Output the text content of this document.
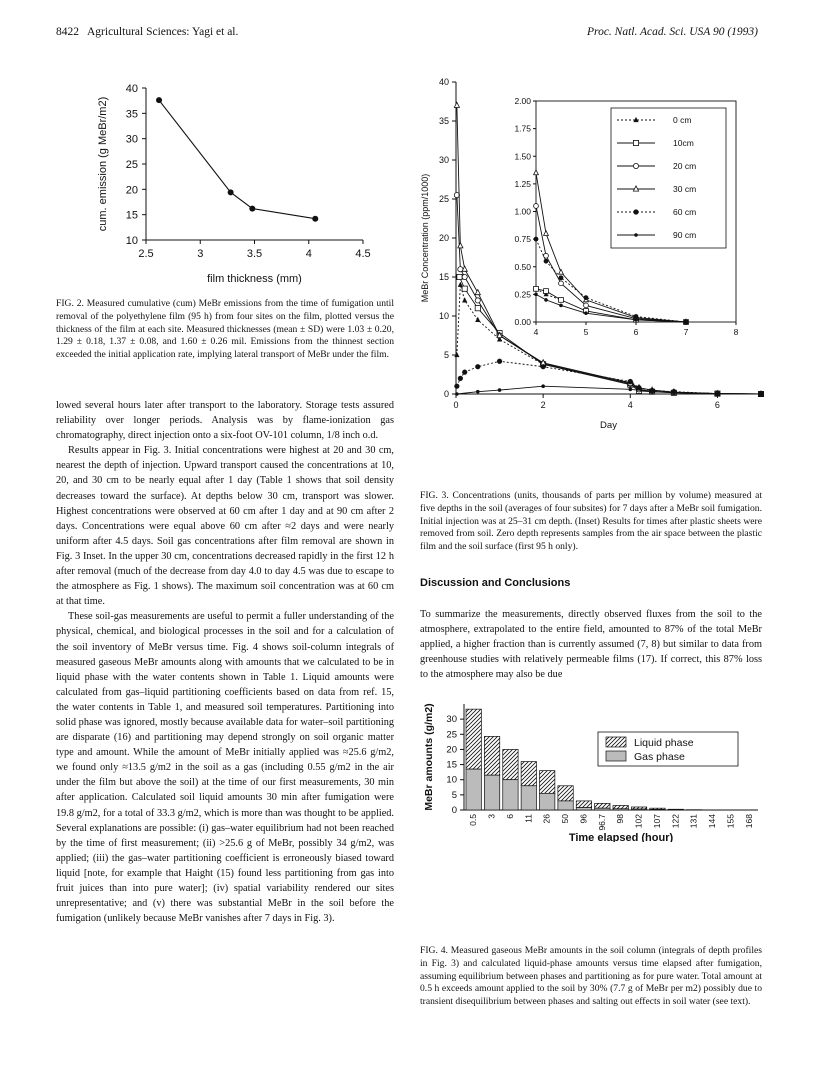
8422 Agricultural Sciences: Yagi et al.	Proc. Natl. Acad. Sci. USA 90 (1993)
10
15
20
25
30
35
40
2.5	3	3.5	4	4.5
film thickness (mm)
cum. emission (g MeBr/m2)
FIG. 2. Measured cumulative (cum) MeBr emissions from the time of fumigation until removal of the polyethylene film (95 h) from four sites on the film, plotted versus the thickness of the film at each site. Measured thicknesses (mean ± SD) were 1.03 ± 0.20, 1.29 ± 0.18, 1.37 ± 0.08, and 1.60 ± 0.26 mil. Emissions from the thinnest section exceeded the initial application rate, implying lateral transport of MeBr under the film.

lowed several hours later after transport to the laboratory. Storage tests assured reliability over longer periods. Analysis was by flame-ionization gas chromatography, direct injection onto a six-foot OV-101 column, 1/8 inch o.d.

Results appear in Fig. 3. Initial concentrations were highest at 20 and 30 cm, nearest the depth of injection. Upward transport caused the concentrations at 10, 20, and 30 cm to be nearly equal after 1 day (Table 1 shows that soil density decreases toward the surface). At depths below 30 cm, transport was slower. Highest concentrations were observed at 60 cm after 1 day and at 90 cm after 2 days. Concentrations were equal above 60 cm after ≈2 days and were nearly uniform after 4.5 days. Soil gas concentrations after film removal are shown in Fig. 3 Inset. In the upper 30 cm, concentrations decreased rapidly in the first 12 h after removal (much of the decrease from day 4.0 to day 4.5 was due to escape to the atmosphere as Fig. 1 shows). The maximum soil concentration was at 60 cm at that time.

These soil-gas measurements are useful to permit a fuller understanding of the physical, chemical, and biological processes in the soil and for a calculation of the soil inventory of MeBr versus time. Fig. 4 shows soil-column integrals of measured gaseous MeBr amounts along with amounts that we calculated to be in liquid phase with the water contents shown in Table 1. Liquid amounts were calculated from gas–liquid partitioning coefficients based on data from ref. 15, the water contents in Table 1, and measured soil temperatures. Partitioning into solid phase was ignored, mostly because available data for water–soil partitioning are disparate (16) and partitioning may depend strongly on soil organic matter type and amount. While the amount of MeBr initially applied was ≈25.6 g/m2, we found only ≈13.5 g/m2 in the soil as a gas (including 0.55 g/m2 in the air under the film but above the soil) at the time of our first measurements, 30 min after application. Calculated soil liquid amounts 30 min after fumigation were 19.8 g/m2, for a total of 33.3 g/m2, which is more than was thought to be applied. Several explanations are possible: (i) gas–water equilibrium had not been reached by the time of first measurement; (ii) >25.6 g of MeBr, possibly 34 g/m2, was applied; (iii) the gas–water partitioning coefficient is erroneously biased toward liquid [note, for example that Haight (15) found less partitioning from gas into fruit juices than into pure water]; (iv) spatial variability rendered our sites unrepresentative; and (v) there was substantial MeBr in the soil before the fumigation (unlikely because MeBr vanishes after 7 days in Fig. 3).

0
5
10
15
20
25
30
35
40
0	2	4	6
Day
MeBr Concentration (ppm/1000)
0.00
0.25
0.50
0.75
1.00
1.25
1.50
1.75
2.00
4	5	6	7	8
0 cm
10cm
20 cm
30 cm
60 cm
90 cm
FIG. 3. Concentrations (units, thousands of parts per million by volume) measured at five depths in the soil (averages of four subsites) for 7 days after a MeBr soil fumigation. Initial injection was at 25–31 cm depth. (Inset) Results for times after plastic sheets were removed from soil. Zero depth represents samples from the air space between the plastic film and the soil surface (first 95 h only).
Discussion and Conclusions

To summarize the measurements, directly observed fluxes from the soil to the atmosphere, extrapolated to the entire field, amounted to 87% of the total MeBr applied, a higher fraction than is currently assumed (7, 8) but similar to data from greenhouse studies with relatively permeable films (17). If correct, this 87% loss to the atmosphere may also be due

0
5
10
15
20
25
30
0.5 3 6 11 26 50 96 96.7 98 102 107 122 131 144 155 168
Time elapsed (hour)
MeBr amounts (g/m2)	Liquid phase
Gas phase
FIG. 4. Measured gaseous MeBr amounts in the soil column (integrals of depth profiles in Fig. 3) and calculated liquid-phase amounts versus time elapsed after fumigation, assuming equilibrium between phases and partitioning as for pure water. Total amount at 0.5 h exceeds amount applied to the soil by 30% (7.7 g of MeBr per m2) possibly due to transient disequilibrium between phases and salting out effects in soil water (see text).
